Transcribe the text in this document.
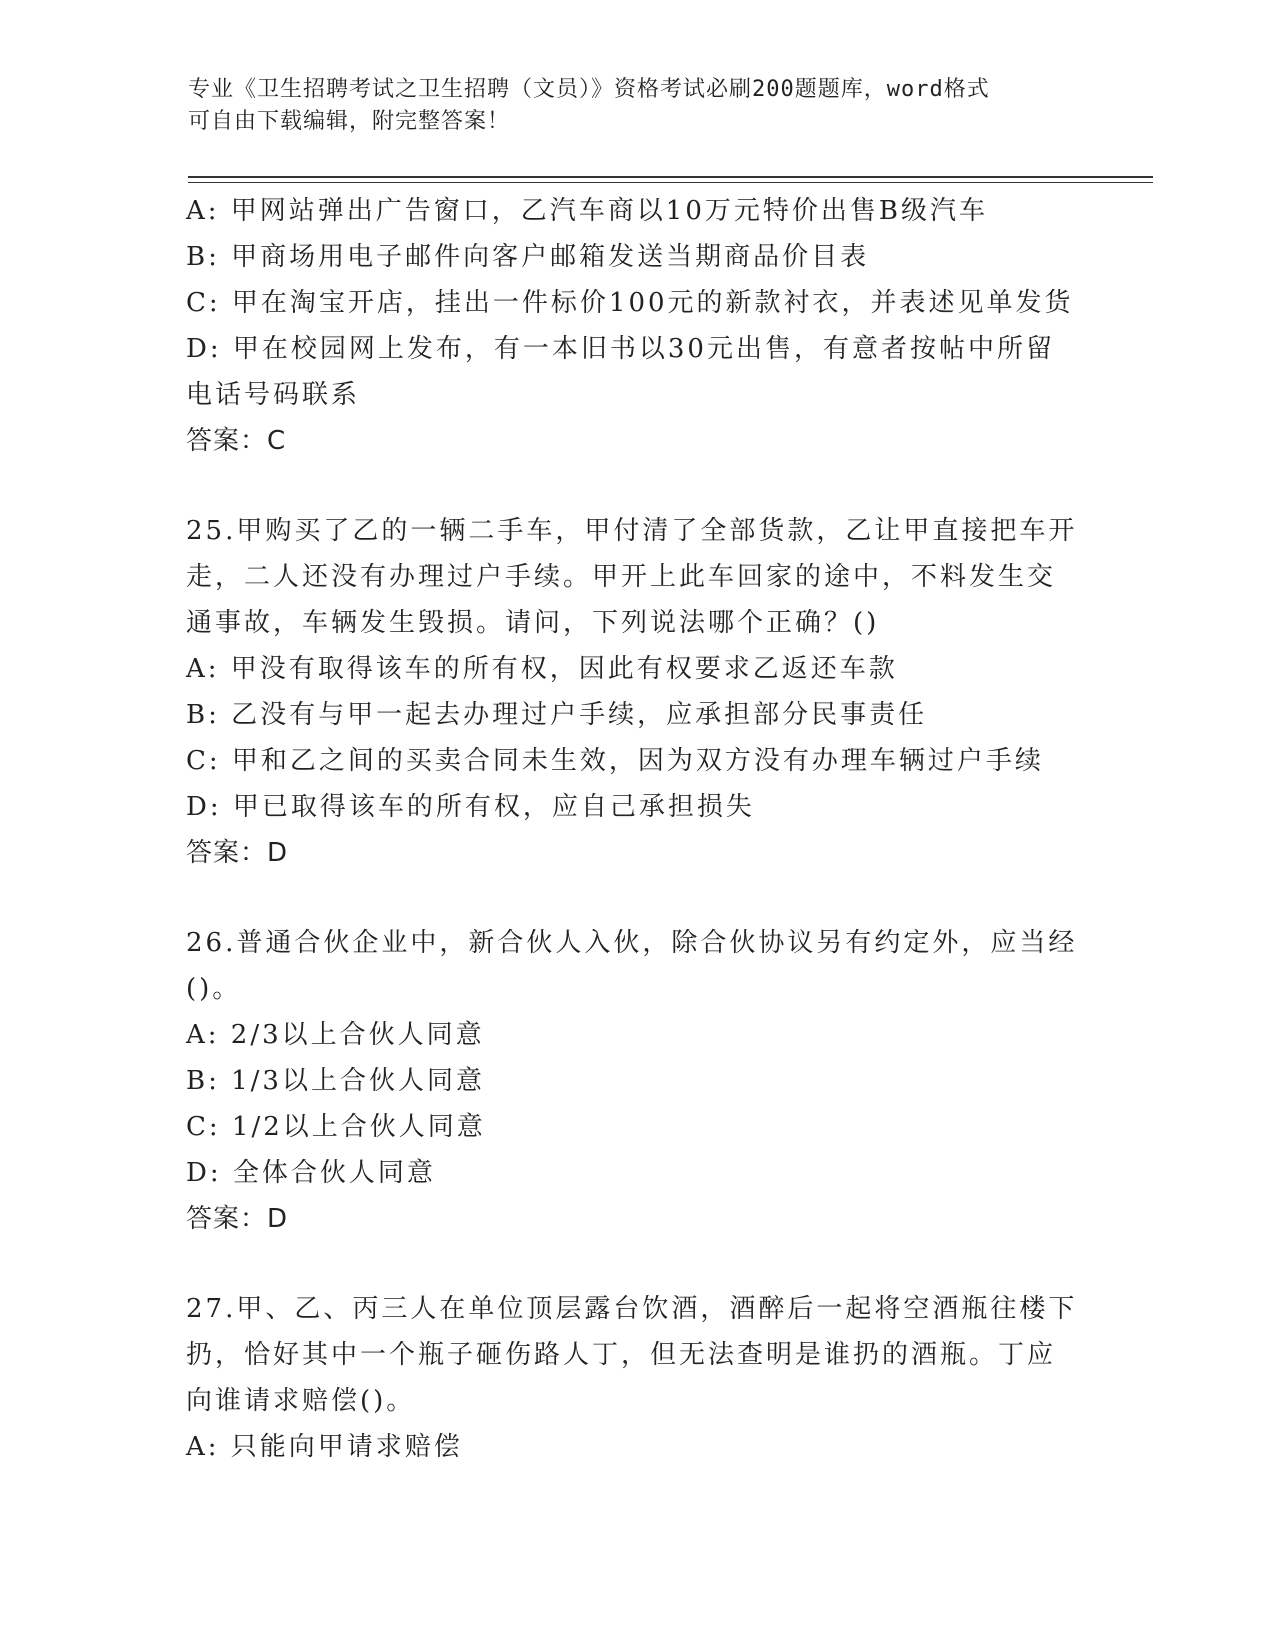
专业《卫生招聘考试之卫生招聘（文员）》资格考试必刷200题题库，word格式
可自由下载编辑，附完整答案！
A: 甲网站弹出广告窗口，乙汽车商以10万元特价出售B级汽车
B: 甲商场用电子邮件向客户邮箱发送当期商品价目表
C: 甲在淘宝开店，挂出一件标价100元的新款衬衣，并表述见单发货
D: 甲在校园网上发布，有一本旧书以30元出售，有意者按帖中所留
电话号码联系
答案：C
25.甲购买了乙的一辆二手车，甲付清了全部货款，乙让甲直接把车开
走，二人还没有办理过户手续。甲开上此车回家的途中，不料发生交
通事故，车辆发生毁损。请问，下列说法哪个正确？()
A: 甲没有取得该车的所有权，因此有权要求乙返还车款
B: 乙没有与甲一起去办理过户手续，应承担部分民事责任
C: 甲和乙之间的买卖合同未生效，因为双方没有办理车辆过户手续
D: 甲已取得该车的所有权，应自己承担损失
答案：D
26.普通合伙企业中，新合伙人入伙，除合伙协议另有约定外，应当经
()。
A: 2/3以上合伙人同意
B: 1/3以上合伙人同意
C: 1/2以上合伙人同意
D: 全体合伙人同意
答案：D
27.甲、乙、丙三人在单位顶层露台饮酒，酒醉后一起将空酒瓶往楼下
扔，恰好其中一个瓶子砸伤路人丁，但无法查明是谁扔的酒瓶。丁应
向谁请求赔偿()。
A: 只能向甲请求赔偿
